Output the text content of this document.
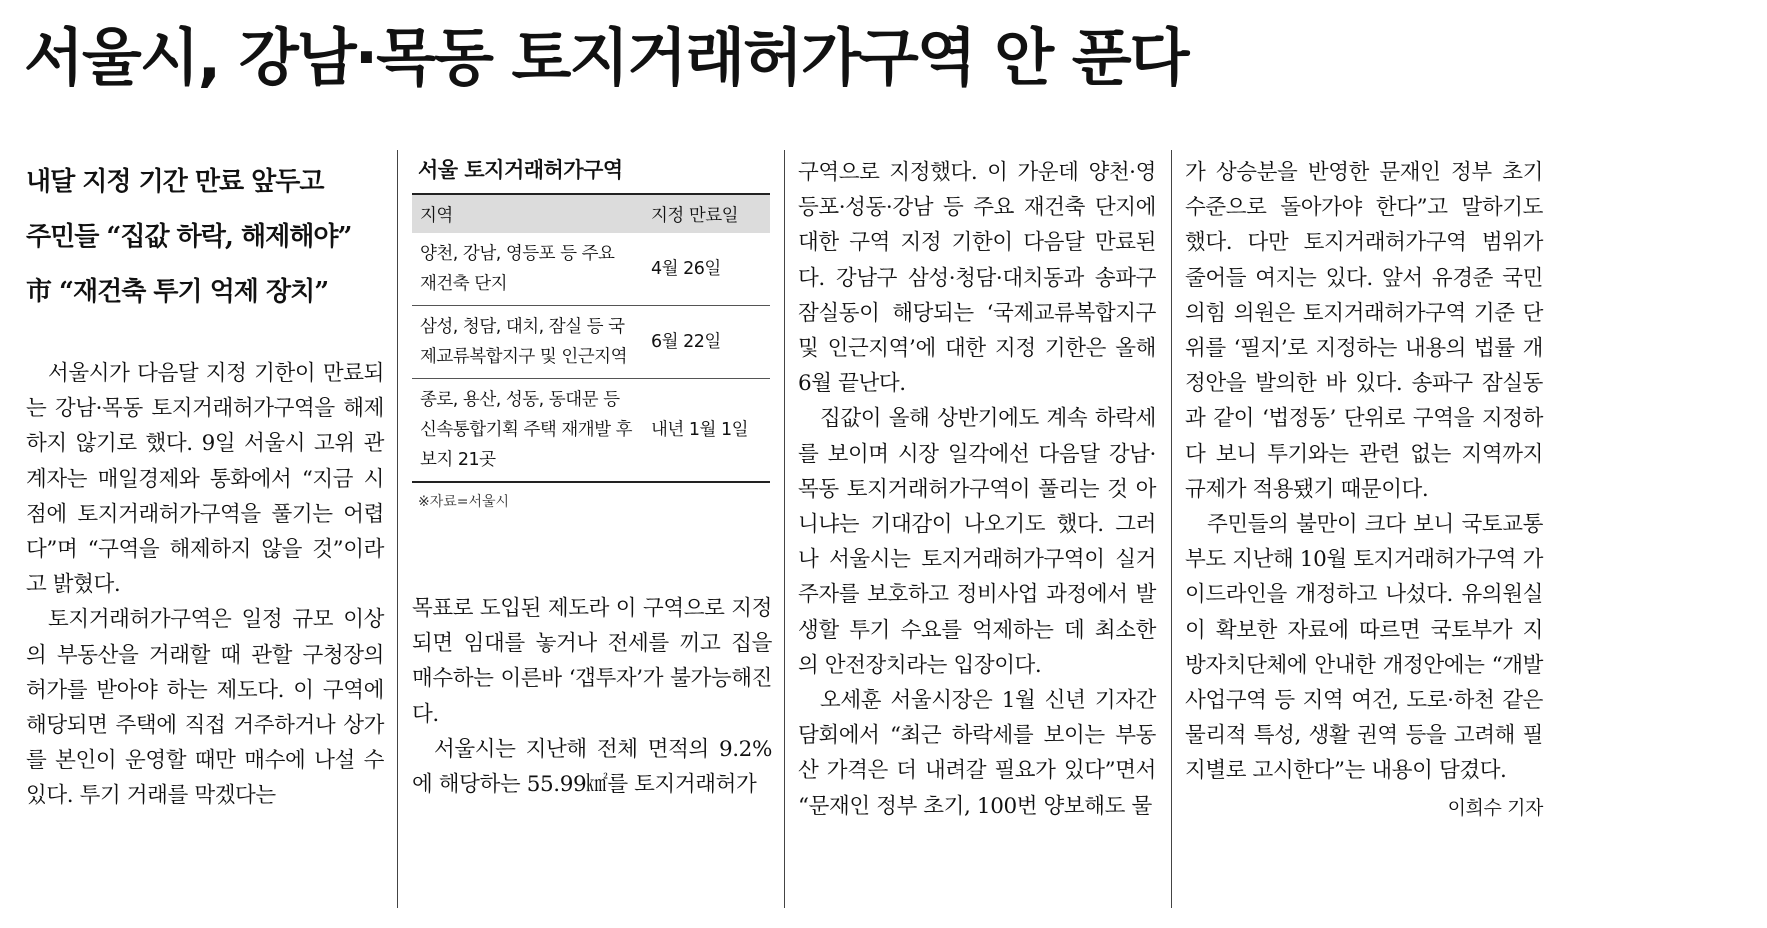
서울시, 강남·목동 토지거래허가구역 안 푼다

내달 지정 기간 만료 앞두고

주민들 “집값 하락, 해제해야”

市 “재건축 투기 억제 장치”

서울시가 다음달 지정 기한이 만료되는 강남·목동 토지거래허가구역을 해제하지 않기로 했다. 9일 서울시 고위 관계자는 매일경제와 통화에서 “지금 시점에 토지거래허가구역을 풀기는 어렵다”며 “구역을 해제하지 않을 것”이라고 밝혔다.

토지거래허가구역은 일정 규모 이상의 부동산을 거래할 때 관할 구청장의 허가를 받아야 하는 제도다. 이 구역에 해당되면 주택에 직접 거주하거나 상가를 본인이 운영할 때만 매수에 나설 수 있다. 투기 거래를 막겠다는

서울 토지거래허가구역

지역	지정 만료일
양천, 강남, 영등포 등 주요 재건축 단지	4월 26일
삼성, 청담, 대치, 잠실 등 국제교류복합지구 및 인근지역	6월 22일
종로, 용산, 성동, 동대문 등 신속통합기획 주택 재개발 후보지 21곳	내년 1월 1일

※자료=서울시

목표로 도입된 제도라 이 구역으로 지정되면 임대를 놓거나 전세를 끼고 집을 매수하는 이른바 ‘갭투자’가 불가능해진다.

서울시는 지난해 전체 면적의 9.2%에 해당하는 55.99㎢를 토지거래허가

구역으로 지정했다. 이 가운데 양천·영등포·성동·강남 등 주요 재건축 단지에 대한 구역 지정 기한이 다음달 만료된다. 강남구 삼성·청담·대치동과 송파구 잠실동이 해당되는 ‘국제교류복합지구 및 인근지역’에 대한 지정 기한은 올해 6월 끝난다.

집값이 올해 상반기에도 계속 하락세를 보이며 시장 일각에선 다음달 강남·목동 토지거래허가구역이 풀리는 것 아니냐는 기대감이 나오기도 했다. 그러나 서울시는 토지거래허가구역이 실거주자를 보호하고 정비사업 과정에서 발생할 투기 수요를 억제하는 데 최소한의 안전장치라는 입장이다.

오세훈 서울시장은 1월 신년 기자간담회에서 “최근 하락세를 보이는 부동산 가격은 더 내려갈 필요가 있다”면서 “문재인 정부 초기, 100번 양보해도 물

가 상승분을 반영한 문재인 정부 초기 수준으로 돌아가야 한다”고 말하기도 했다. 다만 토지거래허가구역 범위가 줄어들 여지는 있다. 앞서 유경준 국민의힘 의원은 토지거래허가구역 기준 단위를 ‘필지’로 지정하는 내용의 법률 개정안을 발의한 바 있다. 송파구 잠실동과 같이 ‘법정동’ 단위로 구역을 지정하다 보니 투기와는 관련 없는 지역까지 규제가 적용됐기 때문이다.

주민들의 불만이 크다 보니 국토교통부도 지난해 10월 토지거래허가구역 가이드라인을 개정하고 나섰다. 유의원실이 확보한 자료에 따르면 국토부가 지방자치단체에 안내한 개정안에는 “개발사업구역 등 지역 여건, 도로·하천 같은 물리적 특성, 생활 권역 등을 고려해 필지별로 고시한다”는 내용이 담겼다.
이희수 기자
